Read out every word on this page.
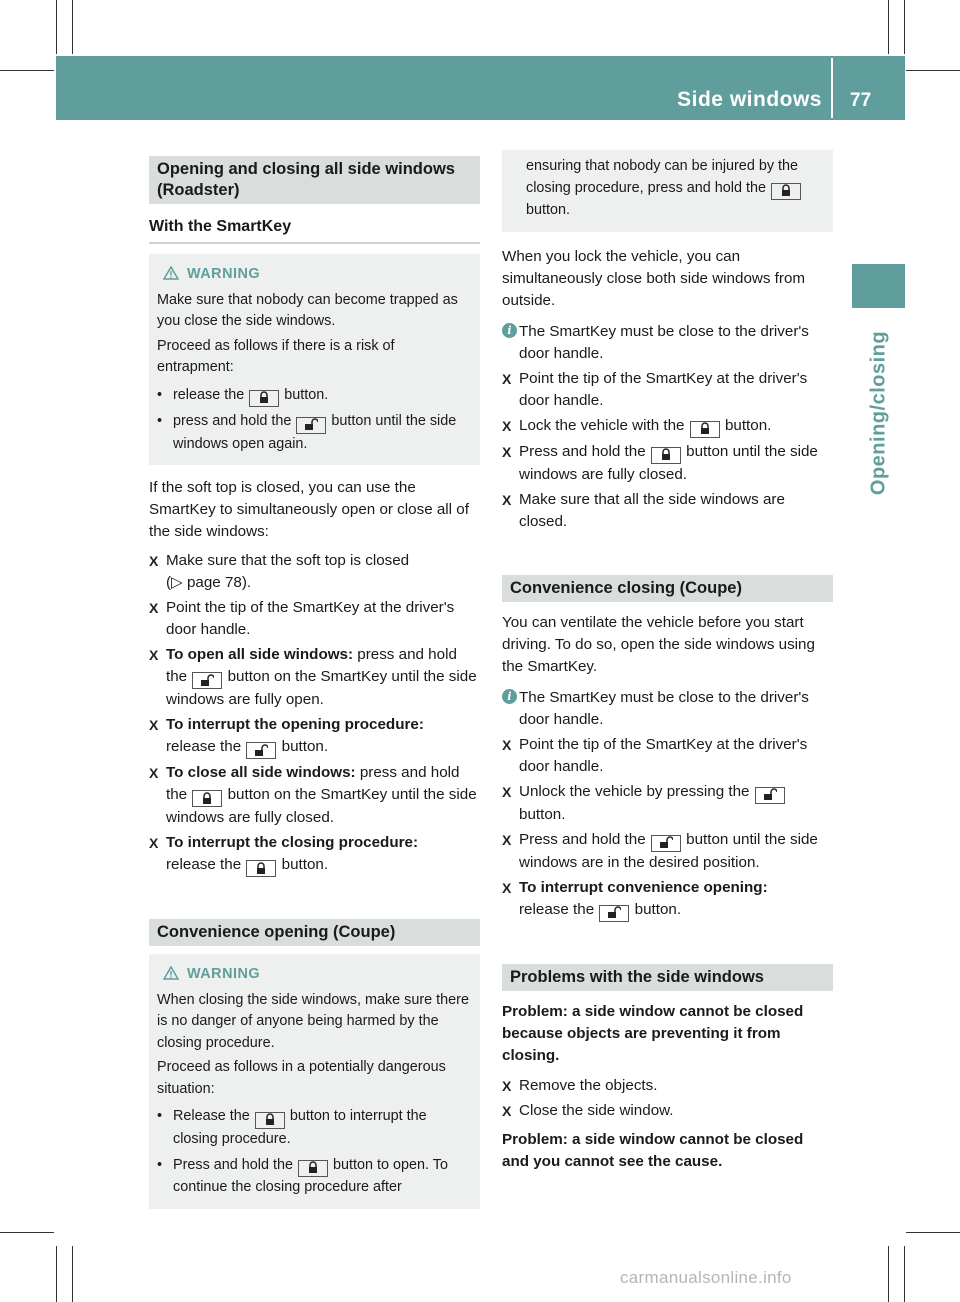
Side windows 77
Opening/closing
Opening and closing all side windows (Roadster)
With the SmartKey
WARNING

Make sure that nobody can become trapped as you close the side windows.

Proceed as follows if there is a risk of entrapment:

• release the	button.
• press and hold the	button until the side windows open again.

If the soft top is closed, you can use the SmartKey to simultaneously open or close all of the side windows:

X Make sure that the soft top is closed
(▷ page 78).
X Point the tip of the SmartKey at the driver's door handle.
X To open all side windows: press and hold the	button on the SmartKey until the side windows are fully open.
X To interrupt the opening procedure:
release the	button.
X To close all side windows: press and hold the	button on the SmartKey until the side windows are fully closed.
X To interrupt the closing procedure:
release the	button.
Convenience opening (Coupe)
WARNING

When closing the side windows, make sure there is no danger of anyone being harmed by the closing procedure.

Proceed as follows in a potentially dangerous situation:

• Release the	button to interrupt the closing procedure.
• Press and hold the	button to open. To continue the closing procedure after
ensuring that nobody can be injured by the closing procedure, press and hold the  button.

When you lock the vehicle, you can simultaneously close both side windows from outside.

i The SmartKey must be close to the driver's door handle.
X Point the tip of the SmartKey at the driver's door handle.
X Lock the vehicle with the	button.
X Press and hold the	button until the side windows are fully closed.
X Make sure that all the side windows are closed.
Convenience closing (Coupe)

You can ventilate the vehicle before you start driving. To do so, open the side windows using the SmartKey.

i The SmartKey must be close to the driver's door handle.
X Point the tip of the SmartKey at the driver's door handle.
X Unlock the vehicle by pressing the
button.
X Press and hold the	button until the side windows are in the desired position.
X To interrupt convenience opening:
release the	button.
Problems with the side windows

Problem: a side window cannot be closed because objects are preventing it from closing.

X Remove the objects.
X Close the side window.

Problem: a side window cannot be closed and you cannot see the cause.

carmanualsonline.info
